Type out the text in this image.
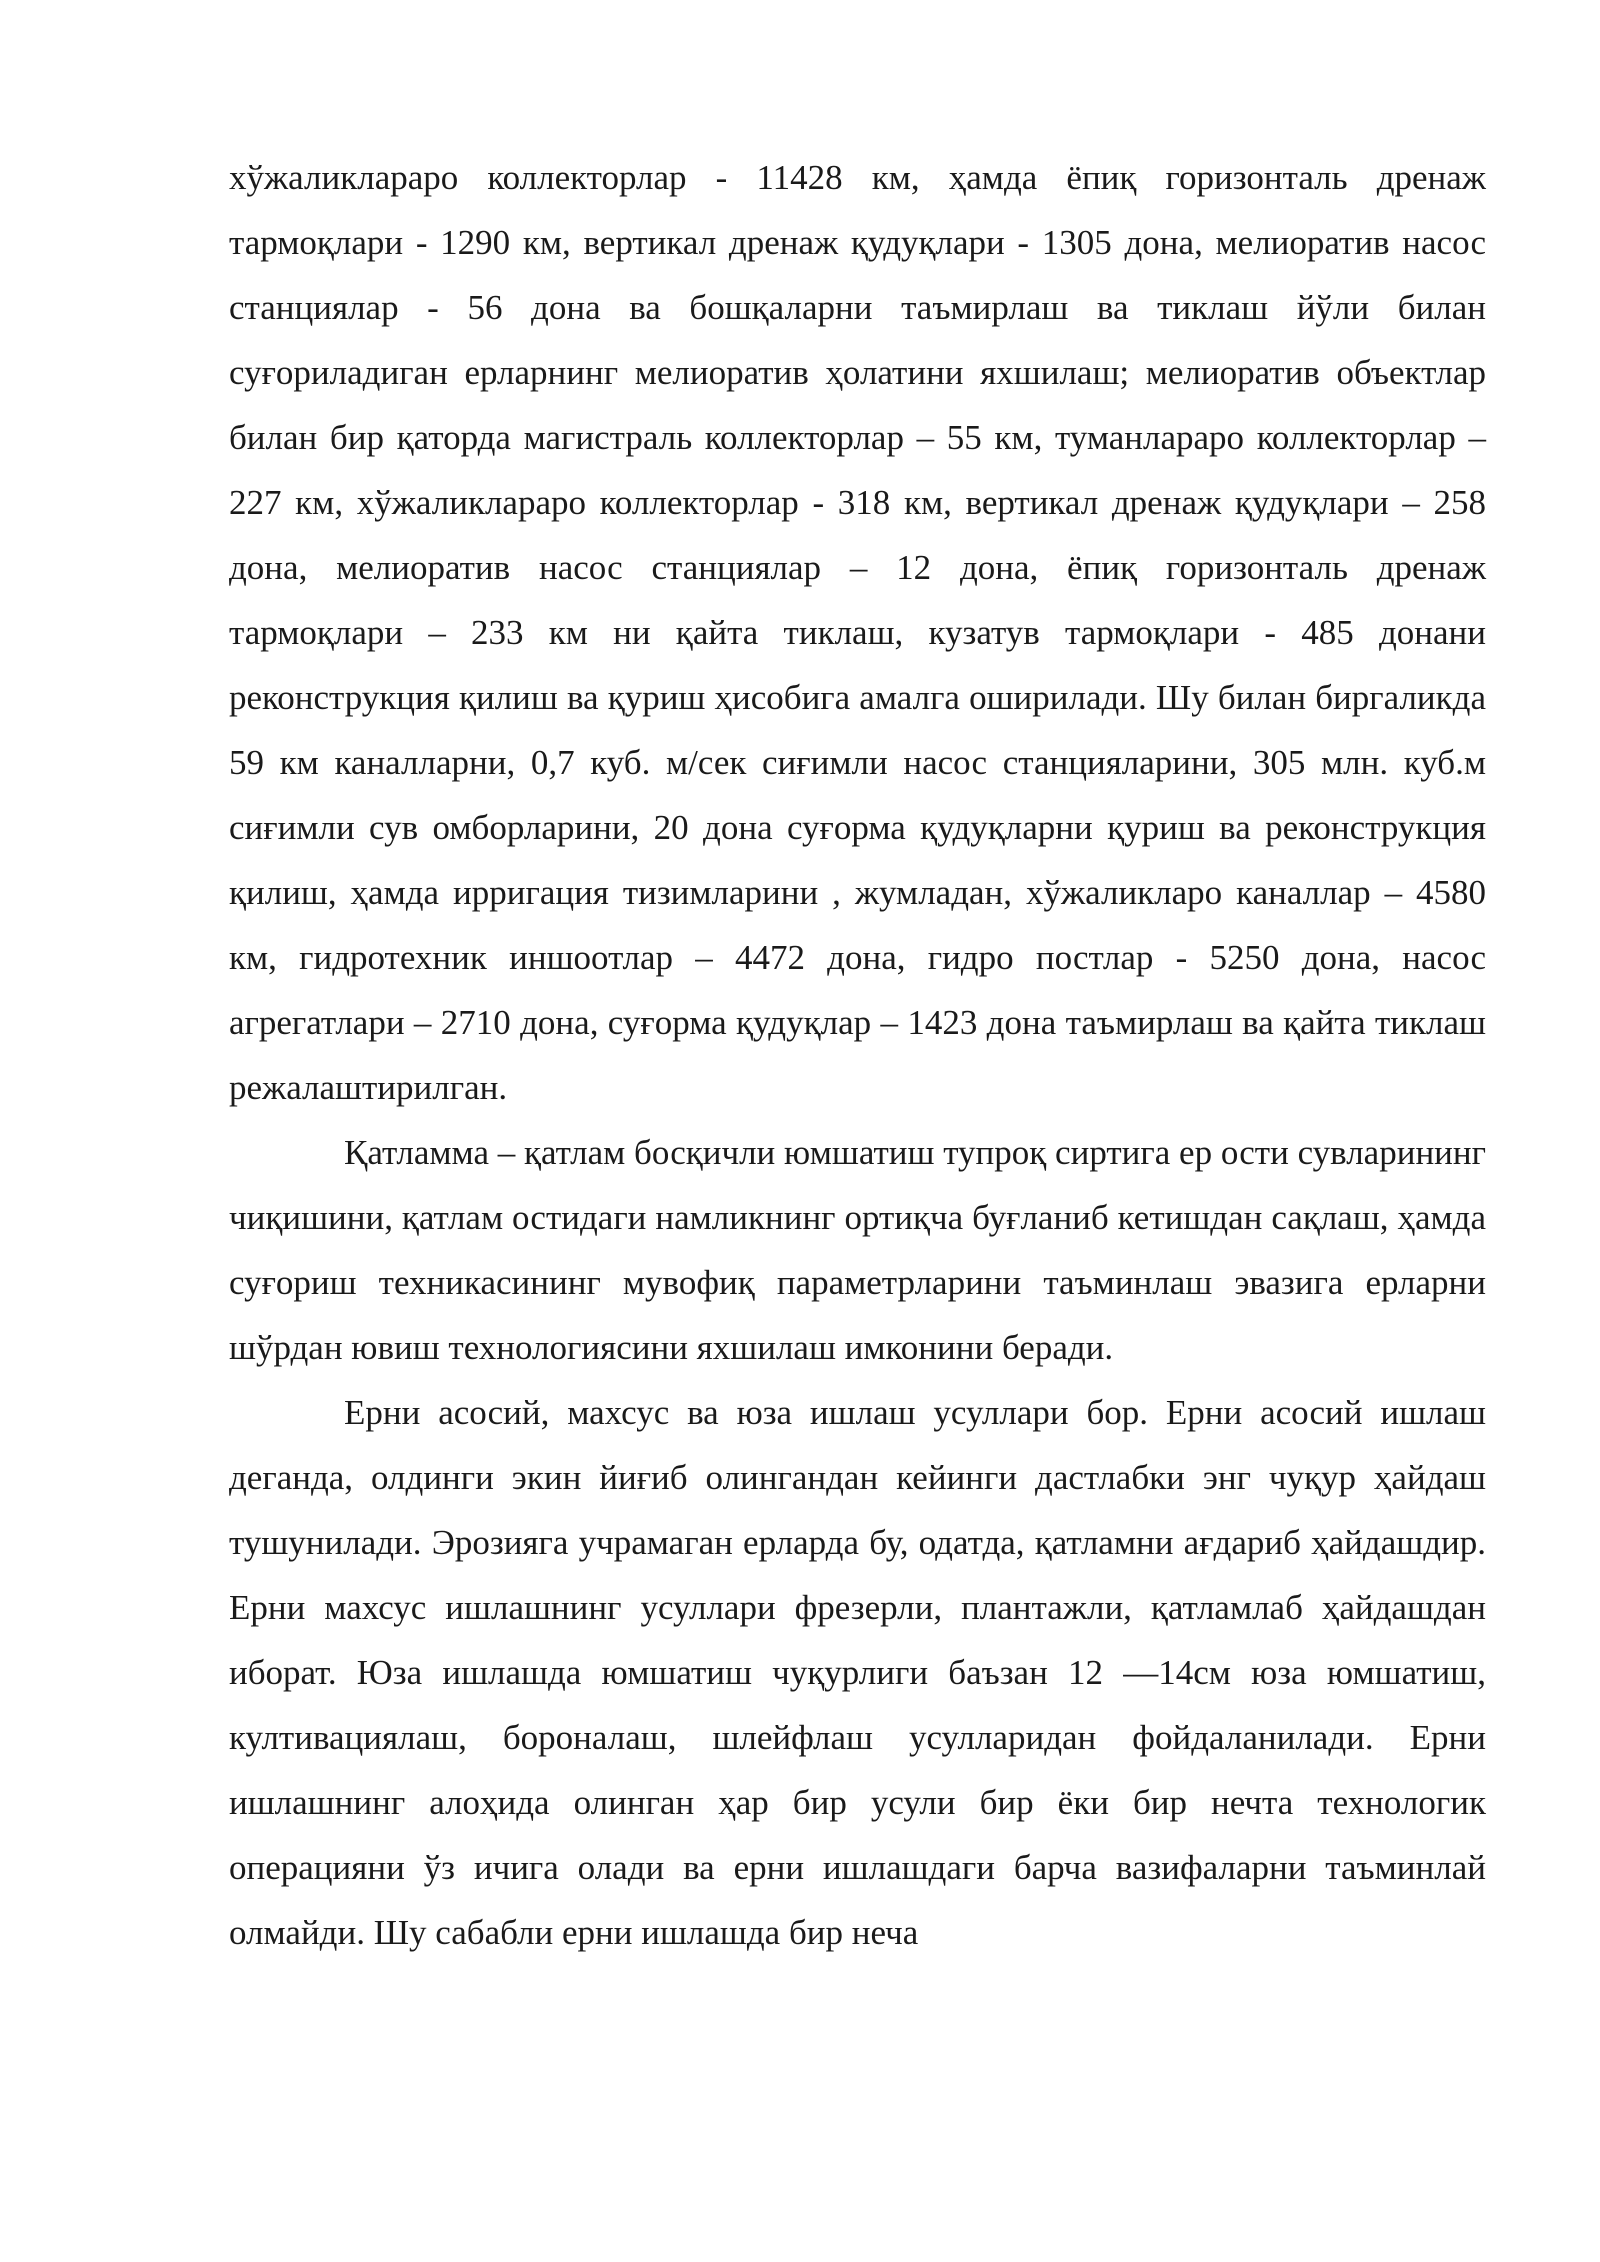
хўжаликлараро коллекторлар - 11428 км, ҳамда ёпиқ горизонталь дренаж тармоқлари - 1290 км, вертикал дренаж қудуқлари - 1305 дона, мелиоратив насос станциялар - 56 дона ва бошқаларни таъмирлаш ва тиклаш йўли билан суғориладиган ерларнинг мелиоратив ҳолатини яхшилаш; мелиоратив объектлар билан бир қаторда магистраль коллекторлар – 55 км, туманлараро коллекторлар – 227 км, хўжаликлараро коллекторлар - 318 км, вертикал дренаж қудуқлари – 258 дона, мелиоратив насос станциялар – 12 дона, ёпиқ горизонталь дренаж тармоқлари – 233 км ни қайта тиклаш, кузатув тармоқлари - 485 донани реконструкция қилиш ва қуриш ҳисобига амалга оширилади. Шу билан биргаликда 59 км каналларни, 0,7 куб. м/сек сиғимли насос станцияларини, 305 млн. куб.м сиғимли сув омборларини, 20 дона суғорма қудуқларни қуриш ва реконструкция қилиш, ҳамда ирригация тизимларини , жумладан, хўжаликларо каналлар – 4580 км, гидротехник иншоотлар – 4472 дона, гидро постлар - 5250 дона, насос агрегатлари – 2710 дона, суғорма қудуқлар – 1423 дона таъмирлаш ва қайта тиклаш режалаштирилган.

Қатламма – қатлам босқичли юмшатиш тупроқ сиртига ер ости сувларининг чиқишини, қатлам остидаги намликнинг ортиқча буғланиб кетишдан сақлаш, ҳамда суғориш техникасининг мувофиқ параметрларини таъминлаш эвазига ерларни шўрдан ювиш технологиясини яхшилаш имконини беради.

Ерни асосий, махсус ва юза ишлаш усуллари бор. Ерни асосий ишлаш деганда, олдинги экин йиғиб олингандан кейинги дастлабки энг чуқур ҳайдаш тушунилади. Эрозияга учрамаган ерларда бу, одатда, қатламни ағдариб ҳайдашдир. Ерни махсус ишлашнинг усуллари фрезерли, плантажли, қатламлаб ҳайдашдан иборат. Юза ишлашда юмшатиш чуқурлиги баъзан 12 —14см юза юмшатиш, култивациялаш, бороналаш, шлейфлаш усулларидан фойдаланилади. Ерни ишлашнинг алоҳида олинган ҳар бир усули бир ёки бир нечта технологик операцияни ўз ичига олади ва ерни ишлашдаги барча вазифаларни таъминлай олмайди. Шу сабабли ерни ишлашда бир неча
